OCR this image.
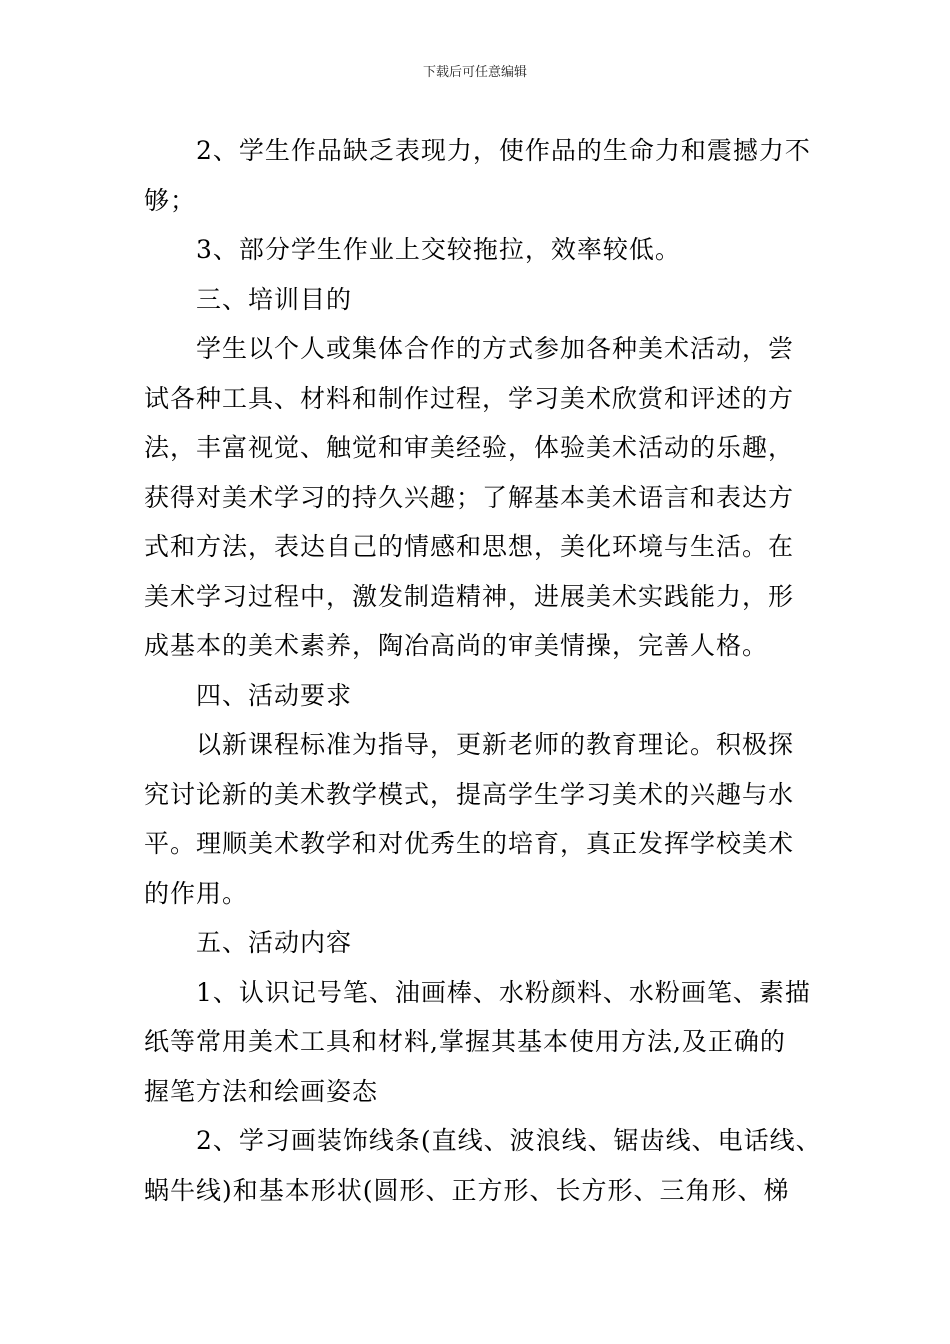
下载后可任意编辑
2、学生作品缺乏表现力，使作品的生命力和震撼力不
够；
3、部分学生作业上交较拖拉，效率较低。
三、培训目的
学生以个人或集体合作的方式参加各种美术活动，尝
试各种工具、材料和制作过程，学习美术欣赏和评述的方
法，丰富视觉、触觉和审美经验，体验美术活动的乐趣，
获得对美术学习的持久兴趣；了解基本美术语言和表达方
式和方法，表达自己的情感和思想，美化环境与生活。在
美术学习过程中，激发制造精神，进展美术实践能力，形
成基本的美术素养，陶冶高尚的审美情操，完善人格。
四、活动要求
以新课程标准为指导，更新老师的教育理论。积极探
究讨论新的美术教学模式，提高学生学习美术的兴趣与水
平。理顺美术教学和对优秀生的培育，真正发挥学校美术
的作用。
五、活动内容
1、认识记号笔、油画棒、水粉颜料、水粉画笔、素描
纸等常用美术工具和材料,掌握其基本使用方法,及正确的
握笔方法和绘画姿态
2、学习画装饰线条(直线、波浪线、锯齿线、电话线、
蜗牛线)和基本形状(圆形、正方形、长方形、三角形、梯
